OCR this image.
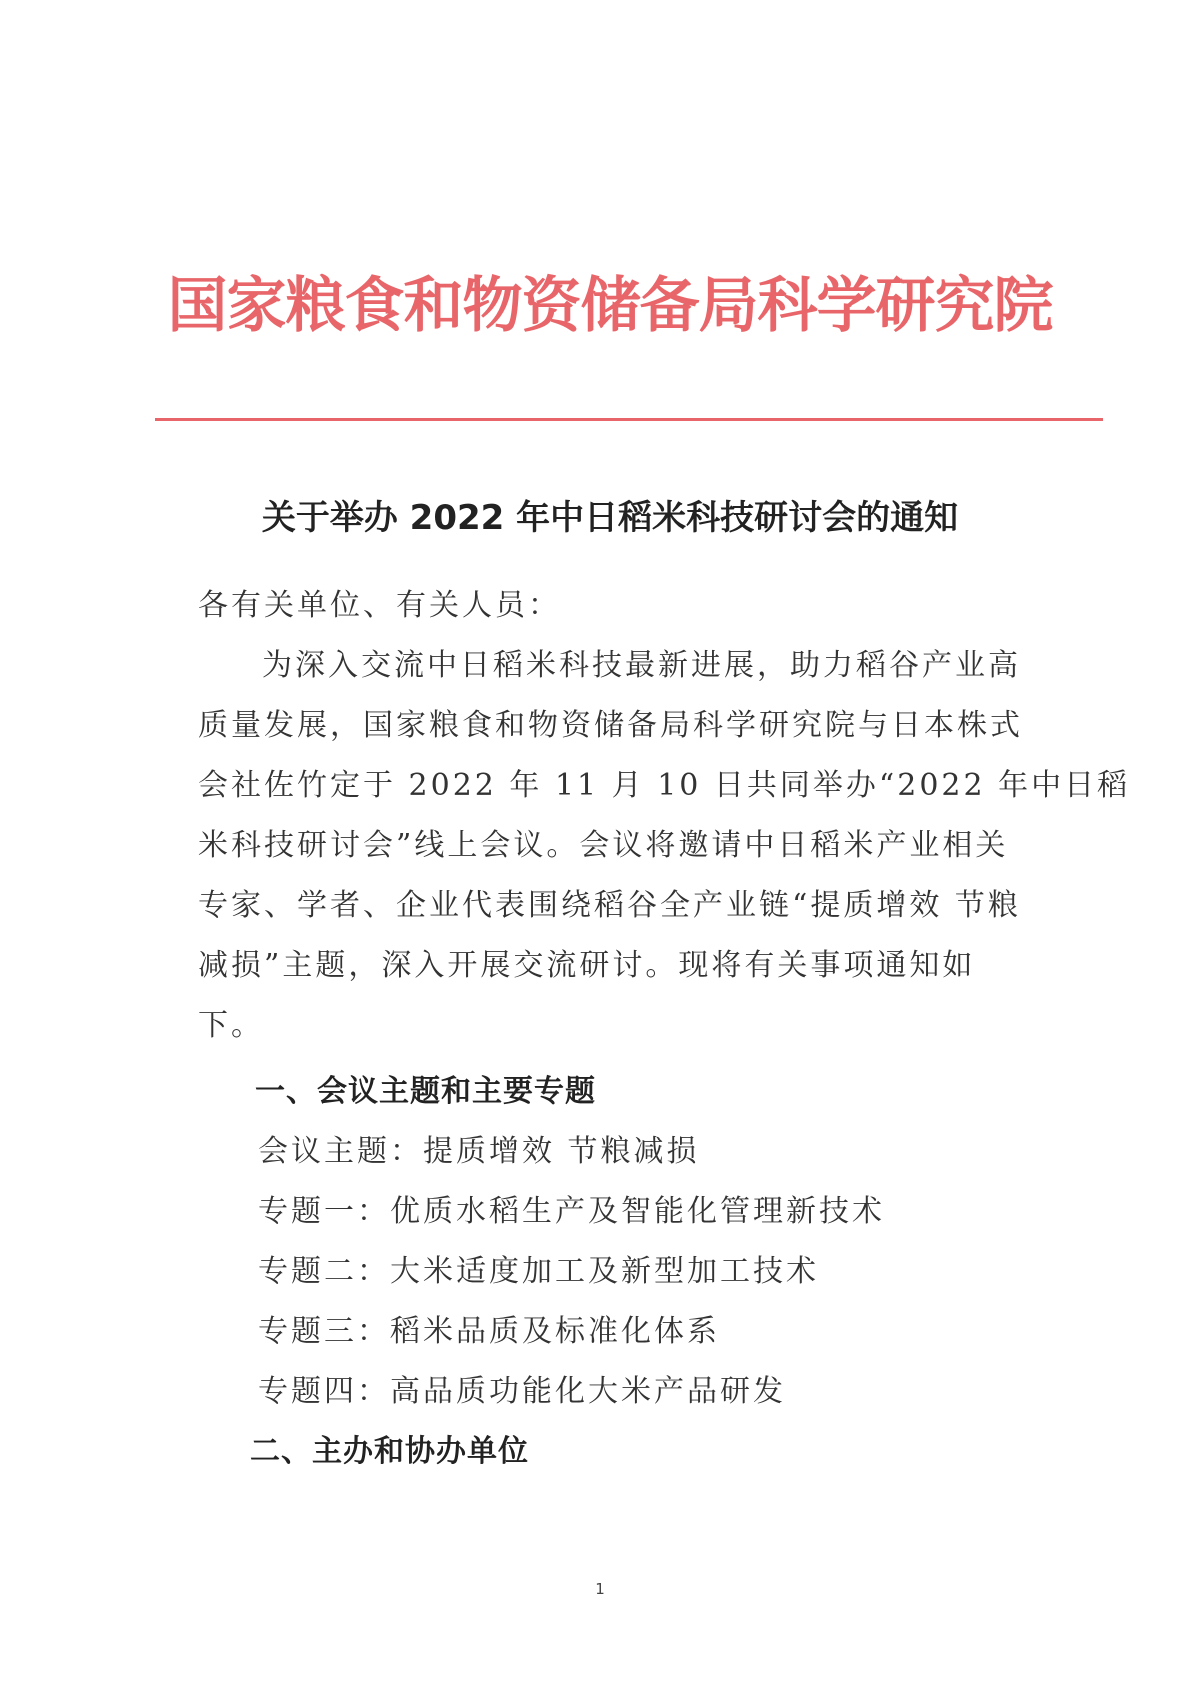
国家粮食和物资储备局科学研究院
关于举办 2022 年中日稻米科技研讨会的通知
各有关单位、有关人员：
为深入交流中日稻米科技最新进展，助力稻谷产业高
质量发展，国家粮食和物资储备局科学研究院与日本株式
会社佐竹定于 2022 年 11 月 10 日共同举办“2022 年中日稻
米科技研讨会”线上会议。会议将邀请中日稻米产业相关
专家、学者、企业代表围绕稻谷全产业链“提质增效 节粮
减损”主题，深入开展交流研讨。现将有关事项通知如
下。
一、会议主题和主要专题
会议主题：提质增效 节粮减损
专题一：优质水稻生产及智能化管理新技术
专题二：大米适度加工及新型加工技术
专题三：稻米品质及标准化体系
专题四：高品质功能化大米产品研发
二、主办和协办单位
1
